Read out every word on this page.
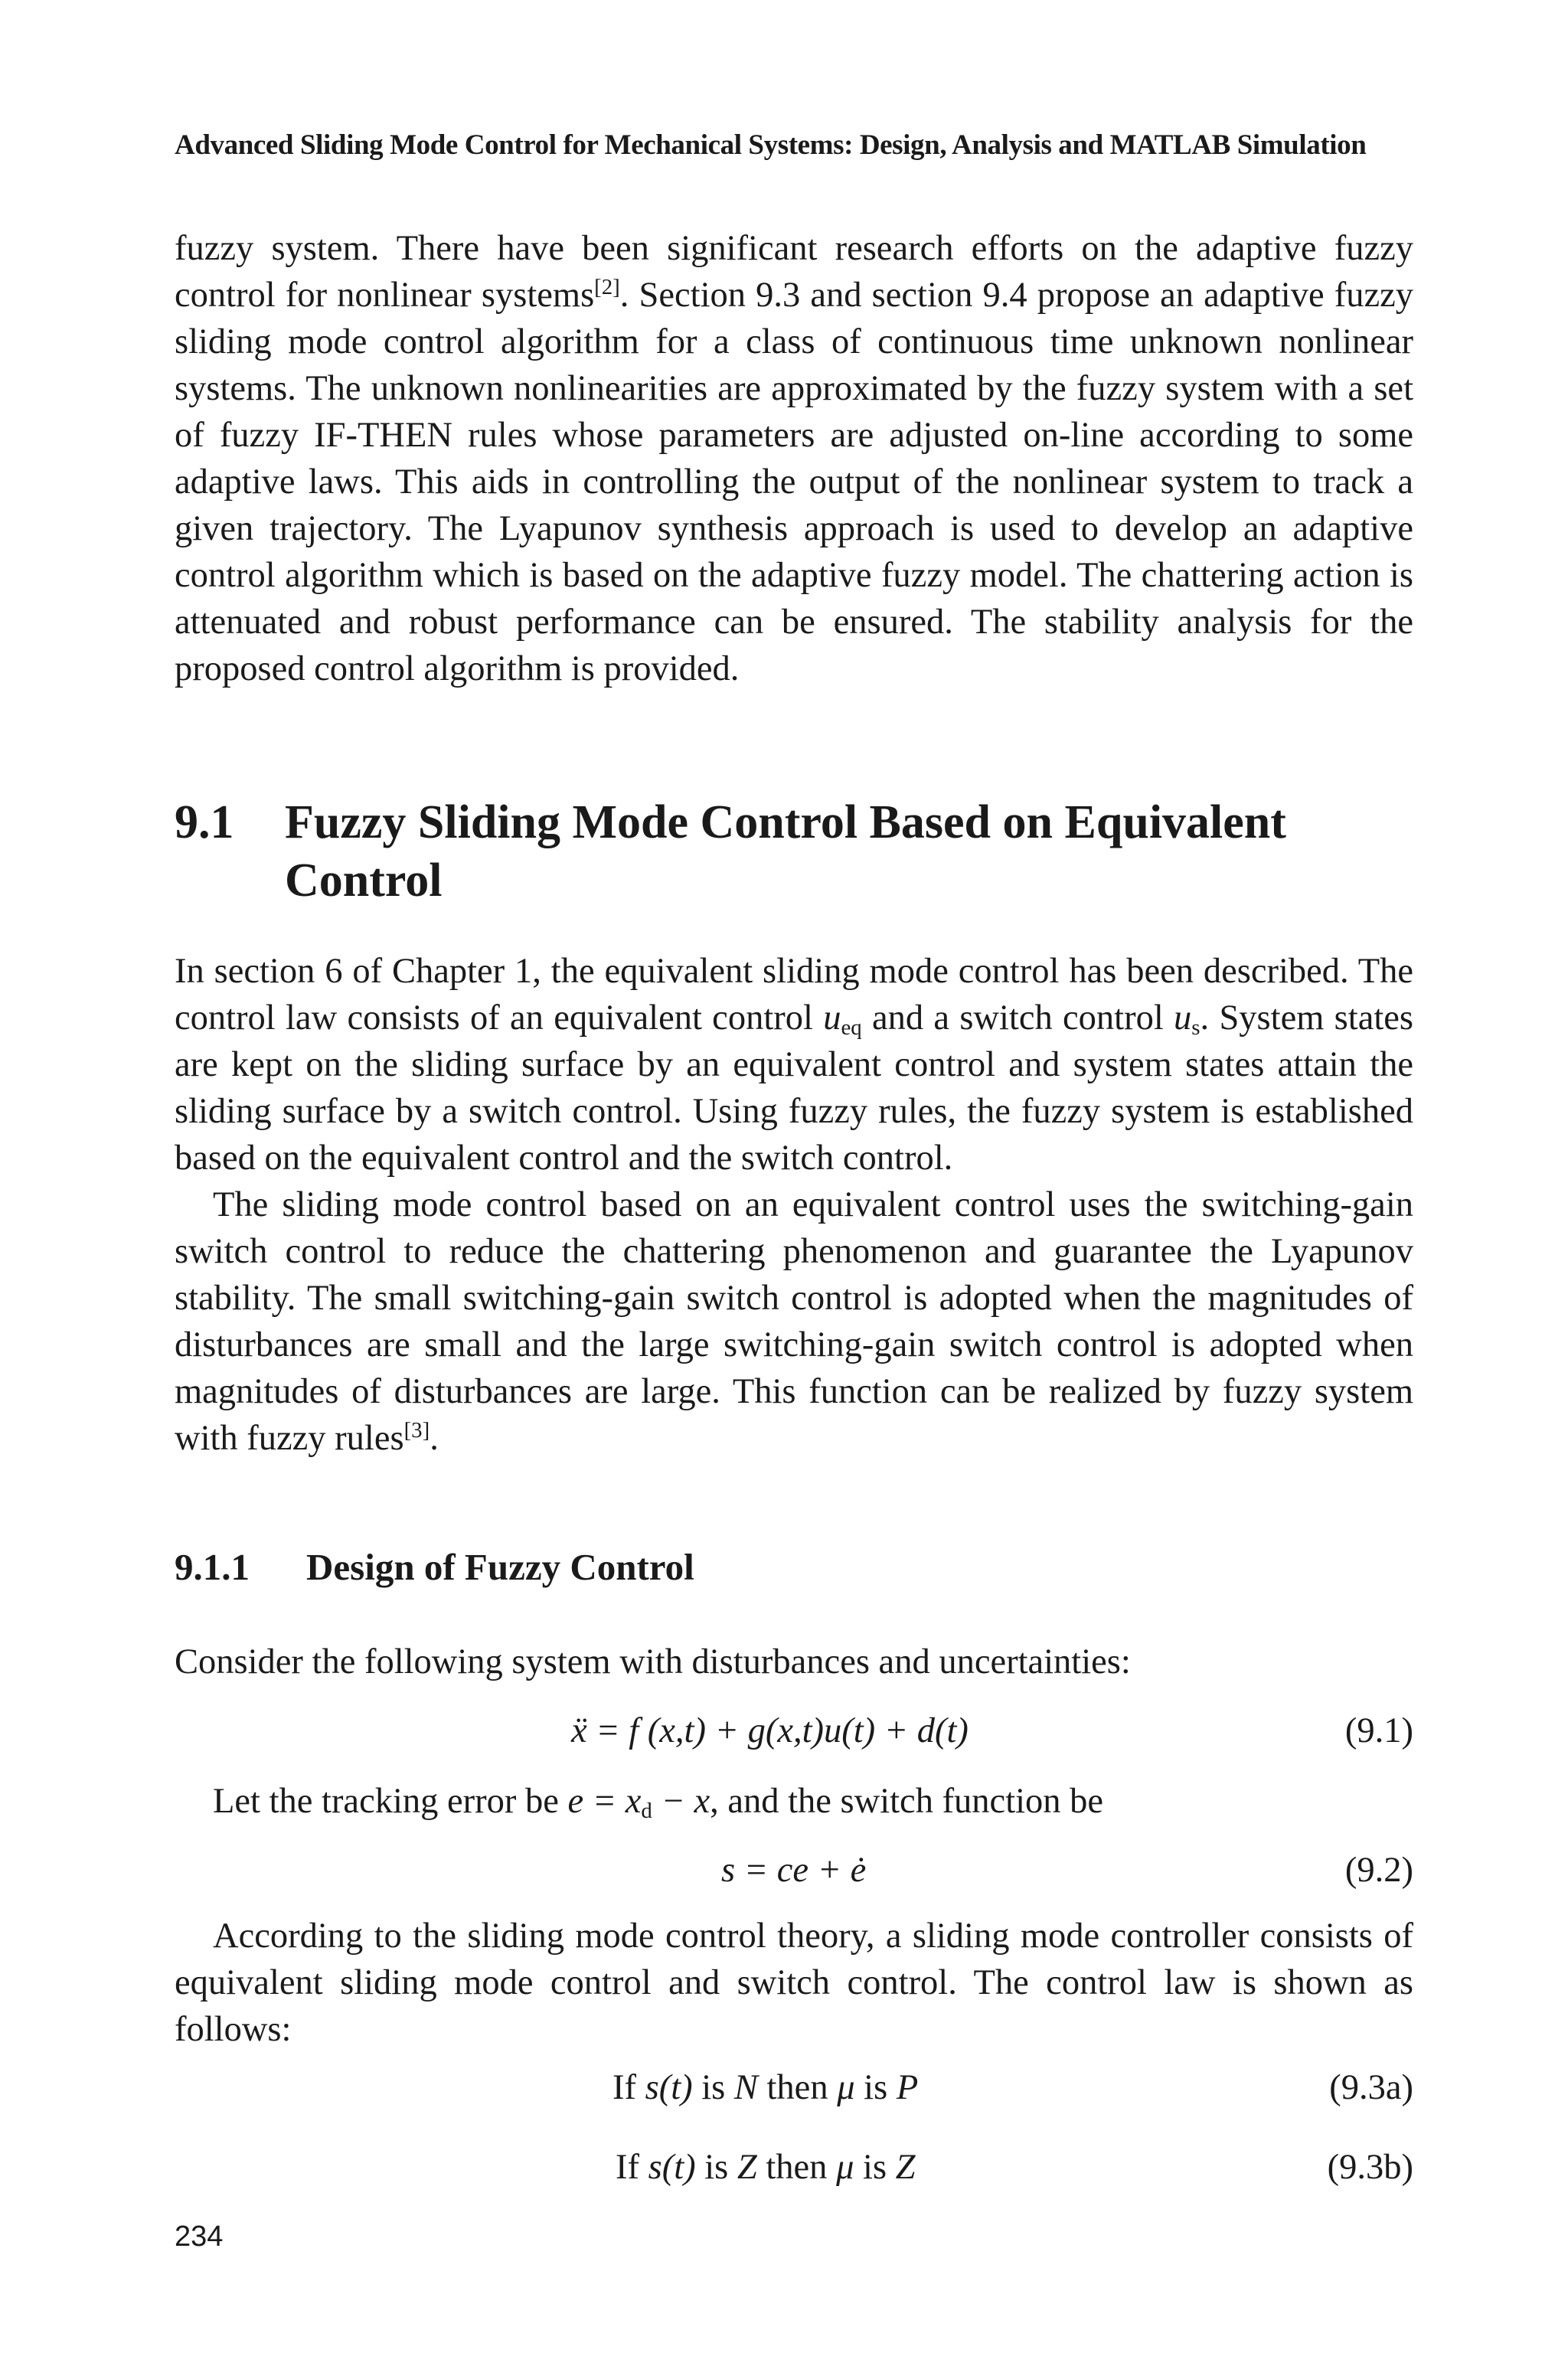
Advanced Sliding Mode Control for Mechanical Systems: Design, Analysis and MATLAB Simulation

fuzzy system. There have been significant research efforts on the adaptive fuzzy control for nonlinear systems[2]. Section 9.3 and section 9.4 propose an adaptive fuzzy sliding mode control algorithm for a class of continuous time unknown nonlinear systems. The unknown nonlinearities are approximated by the fuzzy system with a set of fuzzy IF-THEN rules whose parameters are adjusted on-line according to some adaptive laws. This aids in controlling the output of the nonlinear system to track a given trajectory. The Lyapunov synthesis approach is used to develop an adaptive control algorithm which is based on the adaptive fuzzy model. The chattering action is attenuated and robust performance can be ensured. The stability analysis for the proposed control algorithm is provided.

9.1 Fuzzy Sliding Mode Control Based on Equivalent Control

In section 6 of Chapter 1, the equivalent sliding mode control has been described. The control law consists of an equivalent control $u_{eq}$ and a switch control $u_s$. System states are kept on the sliding surface by an equivalent control and system states attain the sliding surface by a switch control. Using fuzzy rules, the fuzzy system is established based on the equivalent control and the switch control.

The sliding mode control based on an equivalent control uses the switching-gain switch control to reduce the chattering phenomenon and guarantee the Lyapunov stability. The small switching-gain switch control is adopted when the magnitudes of disturbances are small and the large switching-gain switch control is adopted when magnitudes of disturbances are large. This function can be realized by fuzzy system with fuzzy rules[3].

9.1.1 Design of Fuzzy Control

Consider the following system with disturbances and uncertainties:

ẍ = f (x,t) + g(x,t)u(t) + d(t)	(9.1)
Let the tracking error be $e = x_d - x$, and the switch function be
s = ce + ė	(9.2)

According to the sliding mode control theory, a sliding mode controller consists of equivalent sliding mode control and switch control. The control law is shown as follows:

If s(t) is N then μ is P	(9.3a)
If s(t) is Z then μ is Z	(9.3b)
234
